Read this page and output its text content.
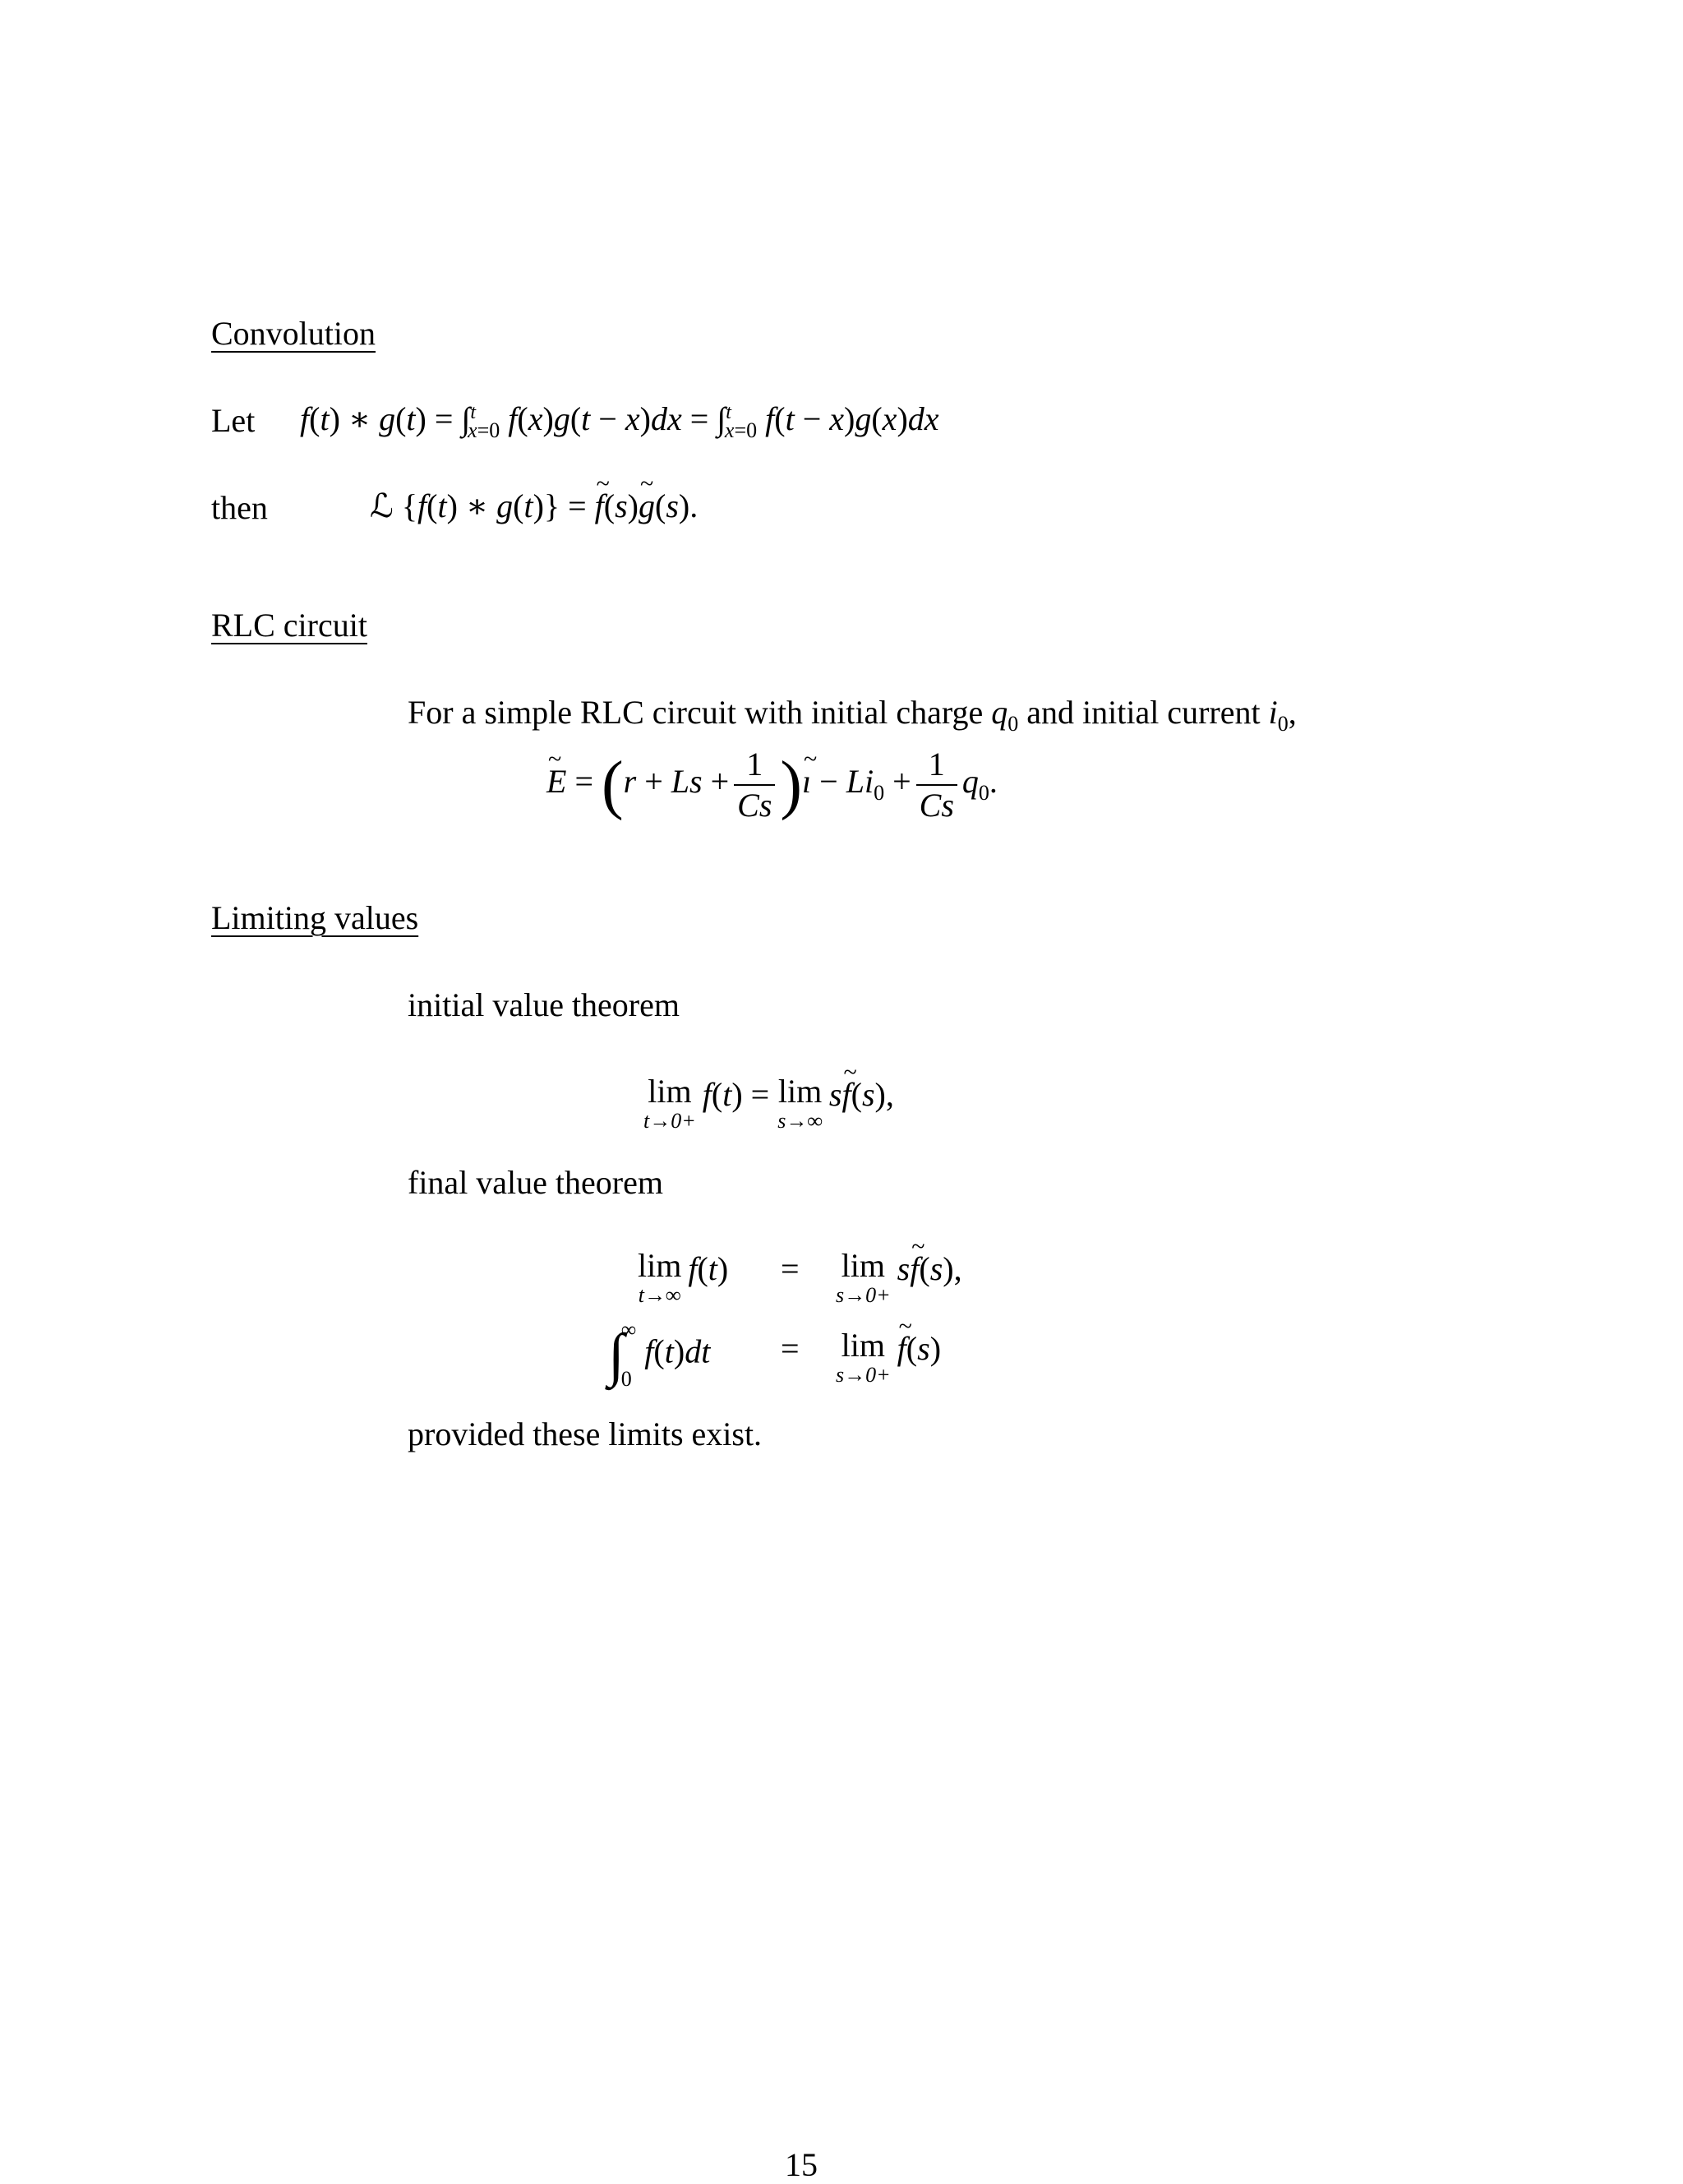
Convolution
Let f(t) ∗ $g(t) = \int t_{x=0}$ f(x)g(t − x)dx = ∫$^t_{x=0}$ f(t − x)g(x)dx
then	ℒ {f(t) ∗ g(t)} = ~ f(s)~ g(s).
RLC circuit
For a simple RLC circuit with initial charge $q_0$ and initial current $i_0$,
~ $E = (r + Ls + \frac{1}{Cs}$ )~ ı − $Li_0 + \frac{1}{Cs} q_0$.
Limiting values
initial value theorem
lim
t→0+
f(t) = lim
s→∞
s~ f(s),
final value theorem
lim
t→∞
f(t) = lim
s→0+
s~ f(s),
∫
∞
0
f(t)dt = lim
s→0+
~ f(s)
provided these limits exist.
15
